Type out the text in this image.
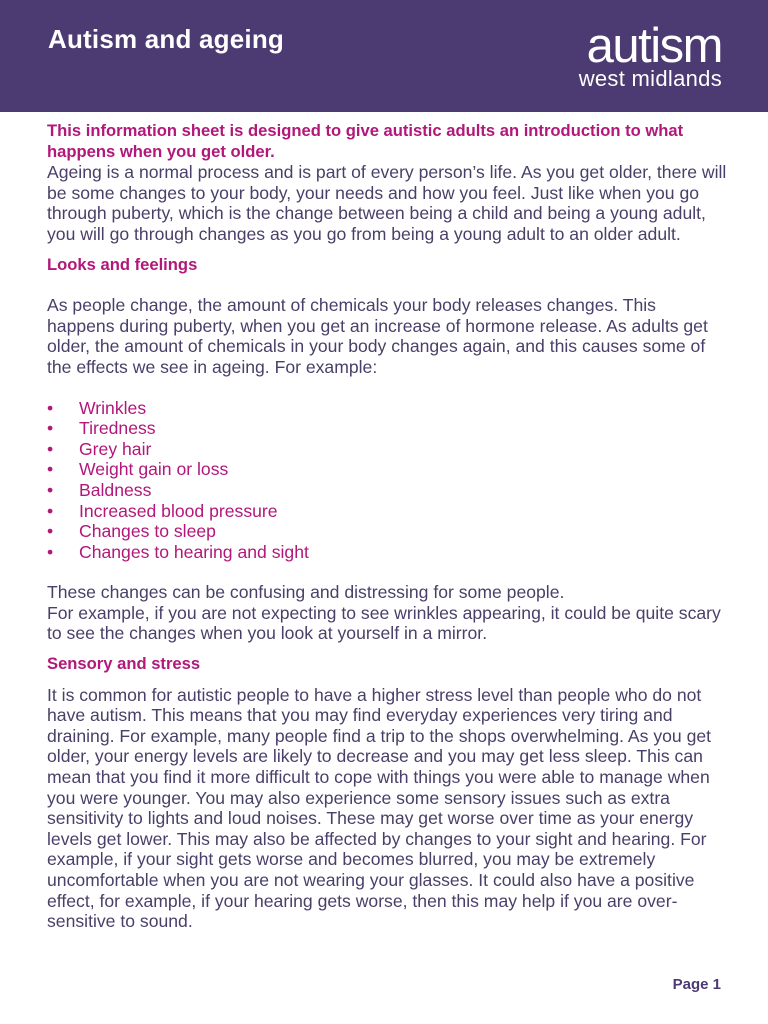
Autism and ageing	autism
west midlands

This information sheet is designed to give autistic adults an introduction to what happens when you get older.

Ageing is a normal process and is part of every person’s life. As you get older, there will be some changes to your body, your needs and how you feel. Just like when you go through puberty, which is the change between being a child and being a young adult, you will go through changes as you go from being a young adult to an older adult.

Looks and feelings

As people change, the amount of chemicals your body releases changes. This happens during puberty, when you get an increase of hormone release. As adults get older, the amount of chemicals in your body changes again, and this causes some of the effects we see in ageing. For example:

• Wrinkles
• Tiredness
• Grey hair
• Weight gain or loss
• Baldness
• Increased blood pressure
• Changes to sleep
• Changes to hearing and sight

These changes can be confusing and distressing for some people.

For example, if you are not expecting to see wrinkles appearing, it could be quite scary to see the changes when you look at yourself in a mirror.

Sensory and stress

It is common for autistic people to have a higher stress level than people who do not have autism. This means that you may find everyday experiences very tiring and draining. For example, many people find a trip to the shops overwhelming. As you get older, your energy levels are likely to decrease and you may get less sleep. This can mean that you find it more difficult to cope with things you were able to manage when you were younger. You may also experience some sensory issues such as extra sensitivity to lights and loud noises. These may get worse over time as your energy levels get lower. This may also be affected by changes to your sight and hearing. For example, if your sight gets worse and becomes blurred, you may be extremely uncomfortable when you are not wearing your glasses. It could also have a positive effect, for example, if your hearing gets worse, then this may help if you are over-sensitive to sound.

Page 1
